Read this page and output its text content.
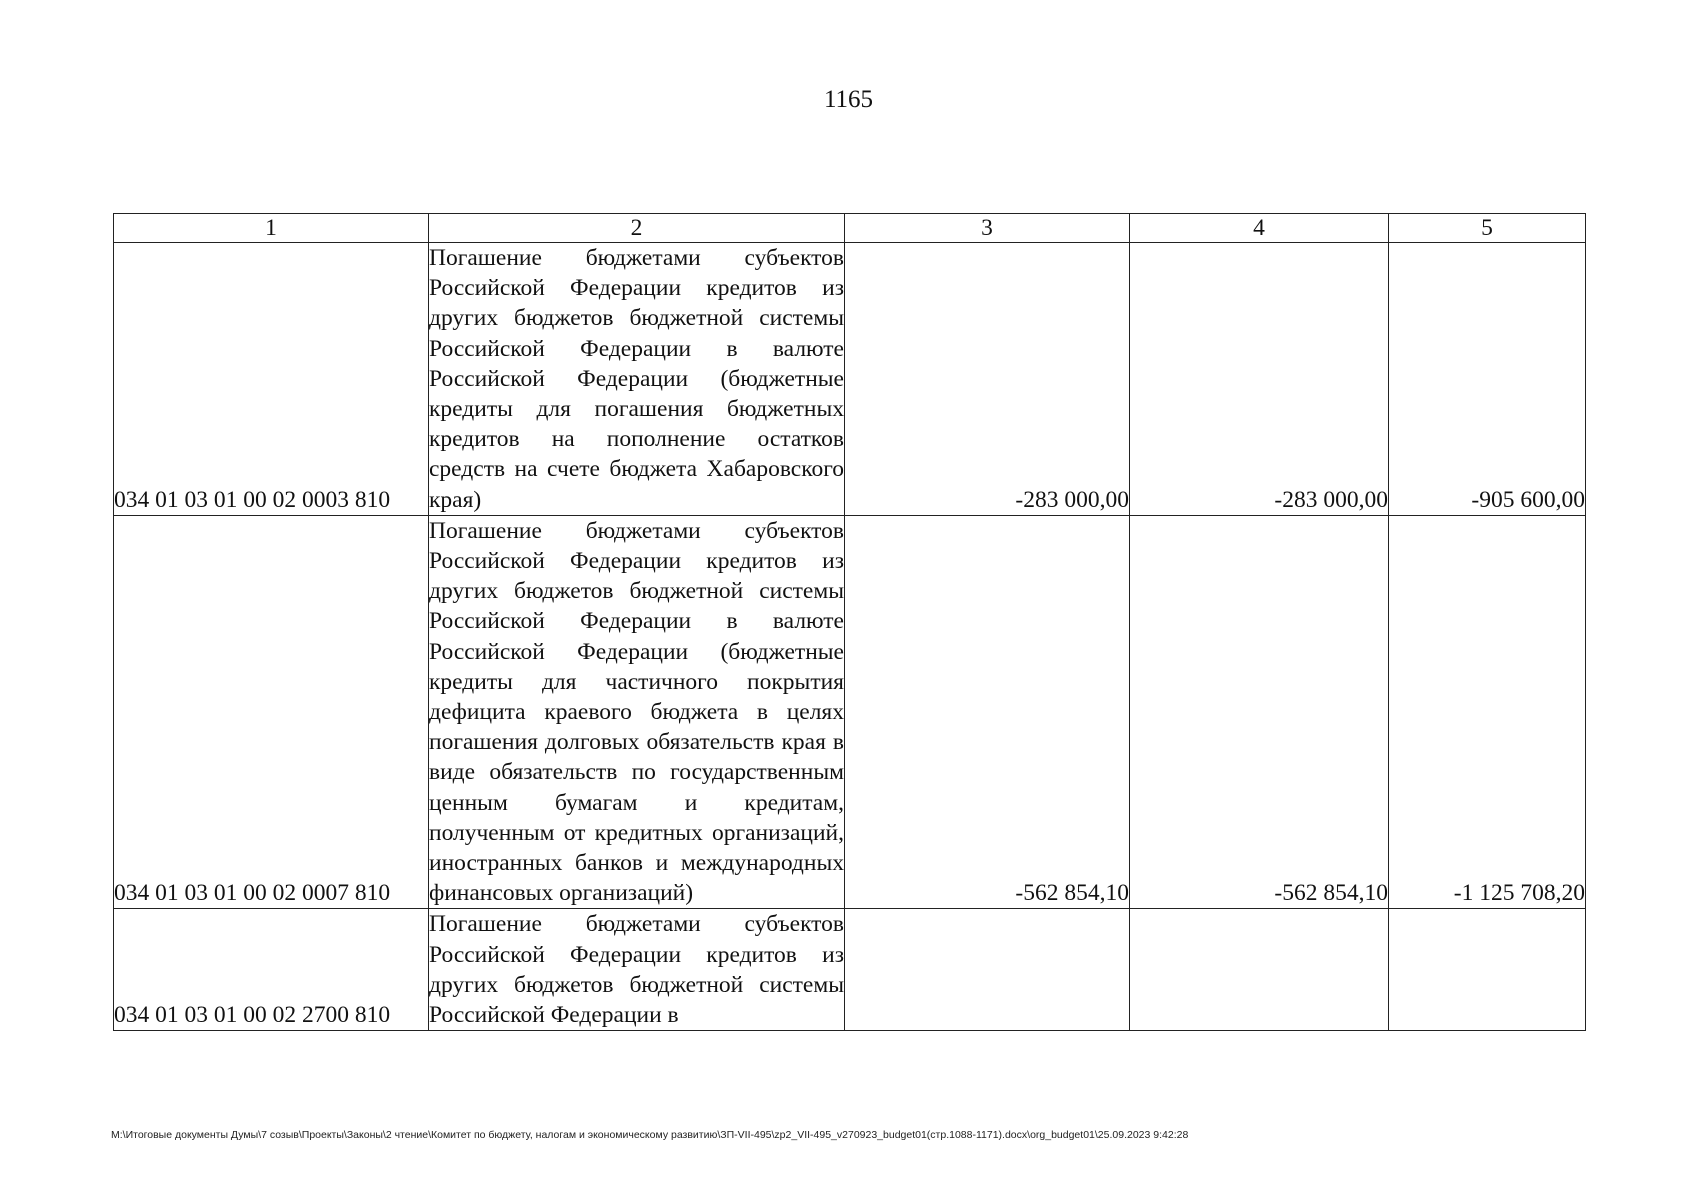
1165
1	2	3	4	5
034 01 03 01 00 02 0003 810	Погашение бюджетами субъектов Российской Федерации кредитов из других бюджетов бюджетной системы Российской Федерации в валюте Российской Федерации (бюджетные кредиты для погашения бюджетных кредитов на пополнение остатков средств на счете бюджета Хабаровского края)	-283 000,00	-283 000,00	-905 600,00
034 01 03 01 00 02 0007 810	Погашение бюджетами субъектов Российской Федерации кредитов из других бюджетов бюджетной системы Российской Федерации в валюте Российской Федерации (бюджетные кредиты для частичного покрытия дефицита краевого бюджета в целях погашения долговых обязательств края в виде обязательств по государственным ценным бумагам и кредитам, полученным от кредитных организаций, иностранных банков и международных финансовых организаций)	-562 854,10	-562 854,10	-1 125 708,20
034 01 03 01 00 02 2700 810	Погашение бюджетами субъектов Российской Федерации кредитов из других бюджетов бюджетной системы Российской Федерации в			
M:\Итоговые документы Думы\7 созыв\Проекты\Законы\2 чтение\Комитет по бюджету, налогам и экономическому развитию\ЗП-VII-495\zp2_VII-495_v270923_budget01(стр.1088-1171).docx\org_budget01\25.09.2023 9:42:28
